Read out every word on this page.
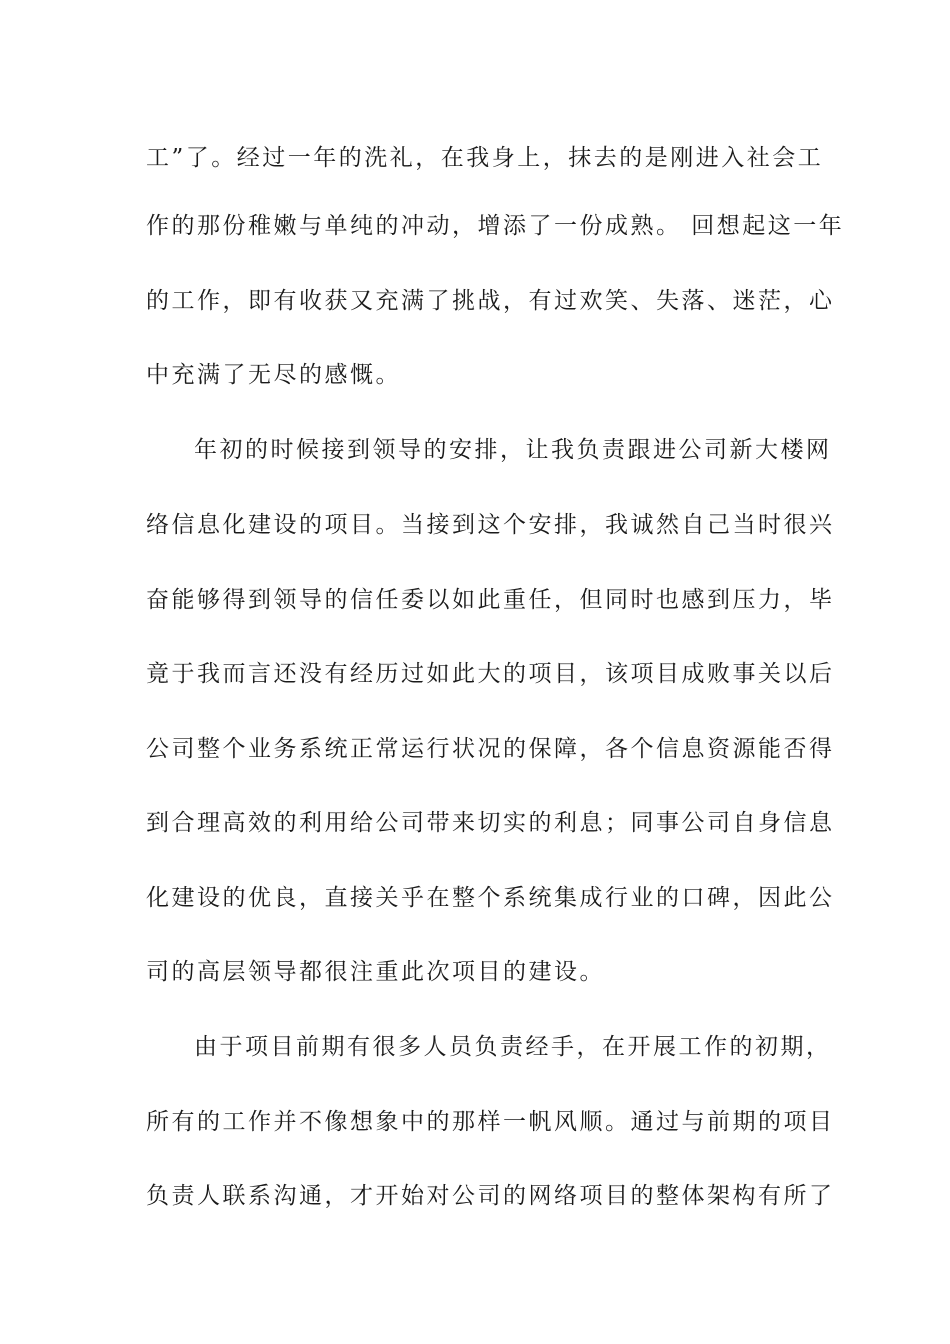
工”了。经过一年的洗礼，在我身上，抹去的是刚进入社会工
作的那份稚嫩与单纯的冲动，增添了一份成熟。 回想起这一年
的工作，即有收获又充满了挑战，有过欢笑、失落、迷茫，心
中充满了无尽的感慨。
年初的时候接到领导的安排，让我负责跟进公司新大楼网
络信息化建设的项目。当接到这个安排，我诚然自己当时很兴
奋能够得到领导的信任委以如此重任，但同时也感到压力，毕
竟于我而言还没有经历过如此大的项目，该项目成败事关以后
公司整个业务系统正常运行状况的保障，各个信息资源能否得
到合理高效的利用给公司带来切实的利息；同事公司自身信息
化建设的优良，直接关乎在整个系统集成行业的口碑，因此公
司的高层领导都很注重此次项目的建设。
由于项目前期有很多人员负责经手，在开展工作的初期，
所有的工作并不像想象中的那样一帆风顺。通过与前期的项目
负责人联系沟通，才开始对公司的网络项目的整体架构有所了
